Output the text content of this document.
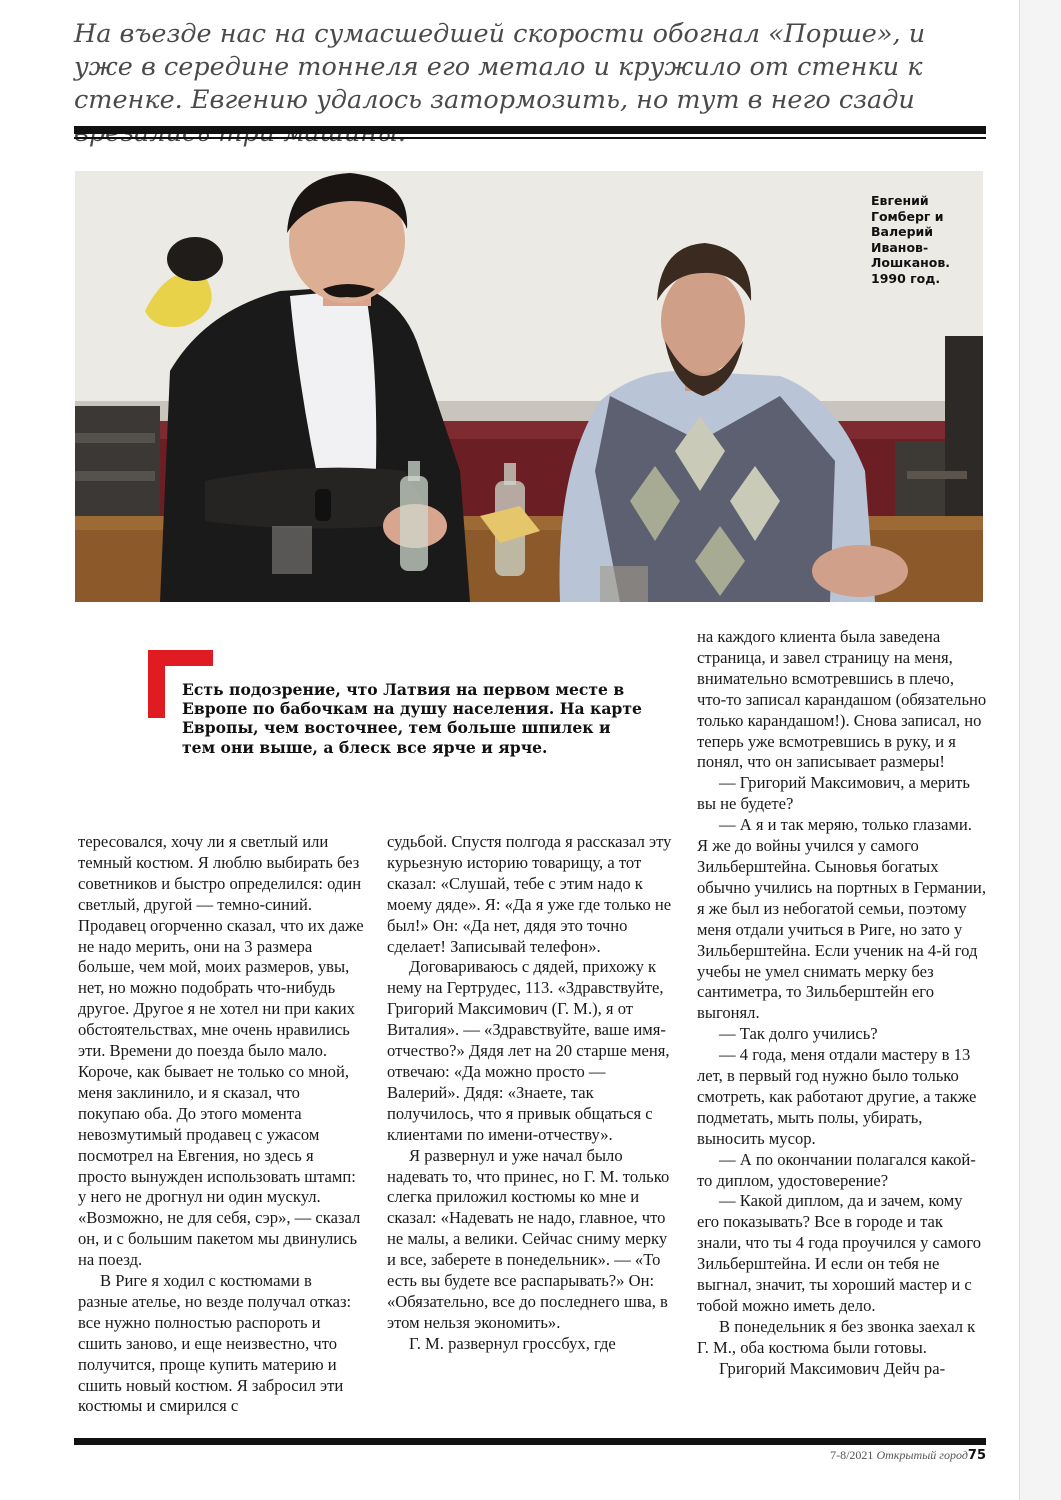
На въезде нас на сумасшедшей скорости обогнал «Порше», и уже в середине тоннеля его метало и кружило от стенки к стенке. Евгению удалось затормозить, но тут в него сзади

Евгений Гомберг и Валерий Иванов-Лошканов. 1990 год.

Есть подозрение, что Латвия на первом месте в Европе по бабочкам на душу населения. На карте Европы, чем восточнее, тем больше шпилек и тем они выше, а блеск все ярче и ярче.

тересовался, хочу ли я светлый или темный костюм. Я люблю выбирать без советников и быстро определился: один светлый, другой — темно-синий. Продавец огорченно сказал, что их даже не надо мерить, они на 3 размера больше, чем мой, моих размеров, увы, нет, но можно подобрать что-нибудь другое. Другое я не хотел ни при каких обстоятельствах, мне очень нравились эти. Времени до поезда было мало. Короче, как бывает не только со мной, меня заклинило, и я сказал, что покупаю оба. До этого момента невозмутимый продавец с ужасом посмотрел на Евгения, но здесь я просто вынужден использовать штамп: у него не дрогнул ни один мускул. «Возможно, не для себя, сэр», — сказал он, и с большим пакетом мы двинулись на поезд.

В Риге я ходил с костюмами в разные ателье, но везде получал отказ: все нужно полностью распороть и сшить заново, и еще неизвестно, что получится, проще купить материю и сшить новый костюм. Я забросил эти костюмы и смирился с

судьбой. Спустя полгода я рассказал эту курьезную историю товарищу, а тот сказал: «Слушай, тебе с этим надо к моему дяде». Я: «Да я уже где только не был!» Он: «Да нет, дядя это точно сделает! Записывай телефон».

Договариваюсь с дядей, прихожу к нему на Гертрудес, 113. «Здравствуйте, Григорий Максимович (Г. М.), я от Виталия». — «Здравствуйте, ваше имя-отчество?» Дядя лет на 20 старше меня, отвечаю: «Да можно просто — Валерий». Дядя: «Знаете, так получилось, что я привык общаться с клиентами по имени-отчеству».

Я развернул и уже начал было надевать то, что принес, но Г. М. только слегка приложил костюмы ко мне и сказал: «Надевать не надо, главное, что не малы, а велики. Сейчас сниму мерку и все, заберете в понедельник». — «То есть вы будете все распарывать?» Он: «Обязательно, все до последнего шва, в этом нельзя экономить».

Г. М. развернул гроссбух, где

на каждого клиента была заведена страница, и завел страницу на меня, внимательно всмотревшись в плечо, что-то записал карандашом (обязательно только карандашом!). Снова записал, но теперь уже всмотревшись в руку, и я понял, что он записывает размеры!

— Григорий Максимович, а мерить вы не будете?

— А я и так меряю, только глазами. Я же до войны учился у самого Зильберштейна. Сыновья богатых обычно учились на портных в Германии, я же был из небогатой семьи, поэтому меня отдали учиться в Риге, но зато у Зильберштейна. Если ученик на 4-й год учебы не умел снимать мерку без сантиметра, то Зильберштейн его выгонял.

— Так долго учились?

— 4 года, меня отдали мастеру в 13 лет, в первый год нужно было только смотреть, как работают другие, а также подметать, мыть полы, убирать, выносить мусор.

— А по окончании полагался какой-то диплом, удостоверение?

— Какой диплом, да и зачем, кому его показывать? Все в городе и так знали, что ты 4 года проучился у самого Зильберштейна. И если он тебя не выгнал, значит, ты хороший мастер и с тобой можно иметь дело.

В понедельник я без звонка заехал к Г. М., оба костюма были готовы.

Григорий Максимович Дейч ра-

7-8/2021 Открытый город75
